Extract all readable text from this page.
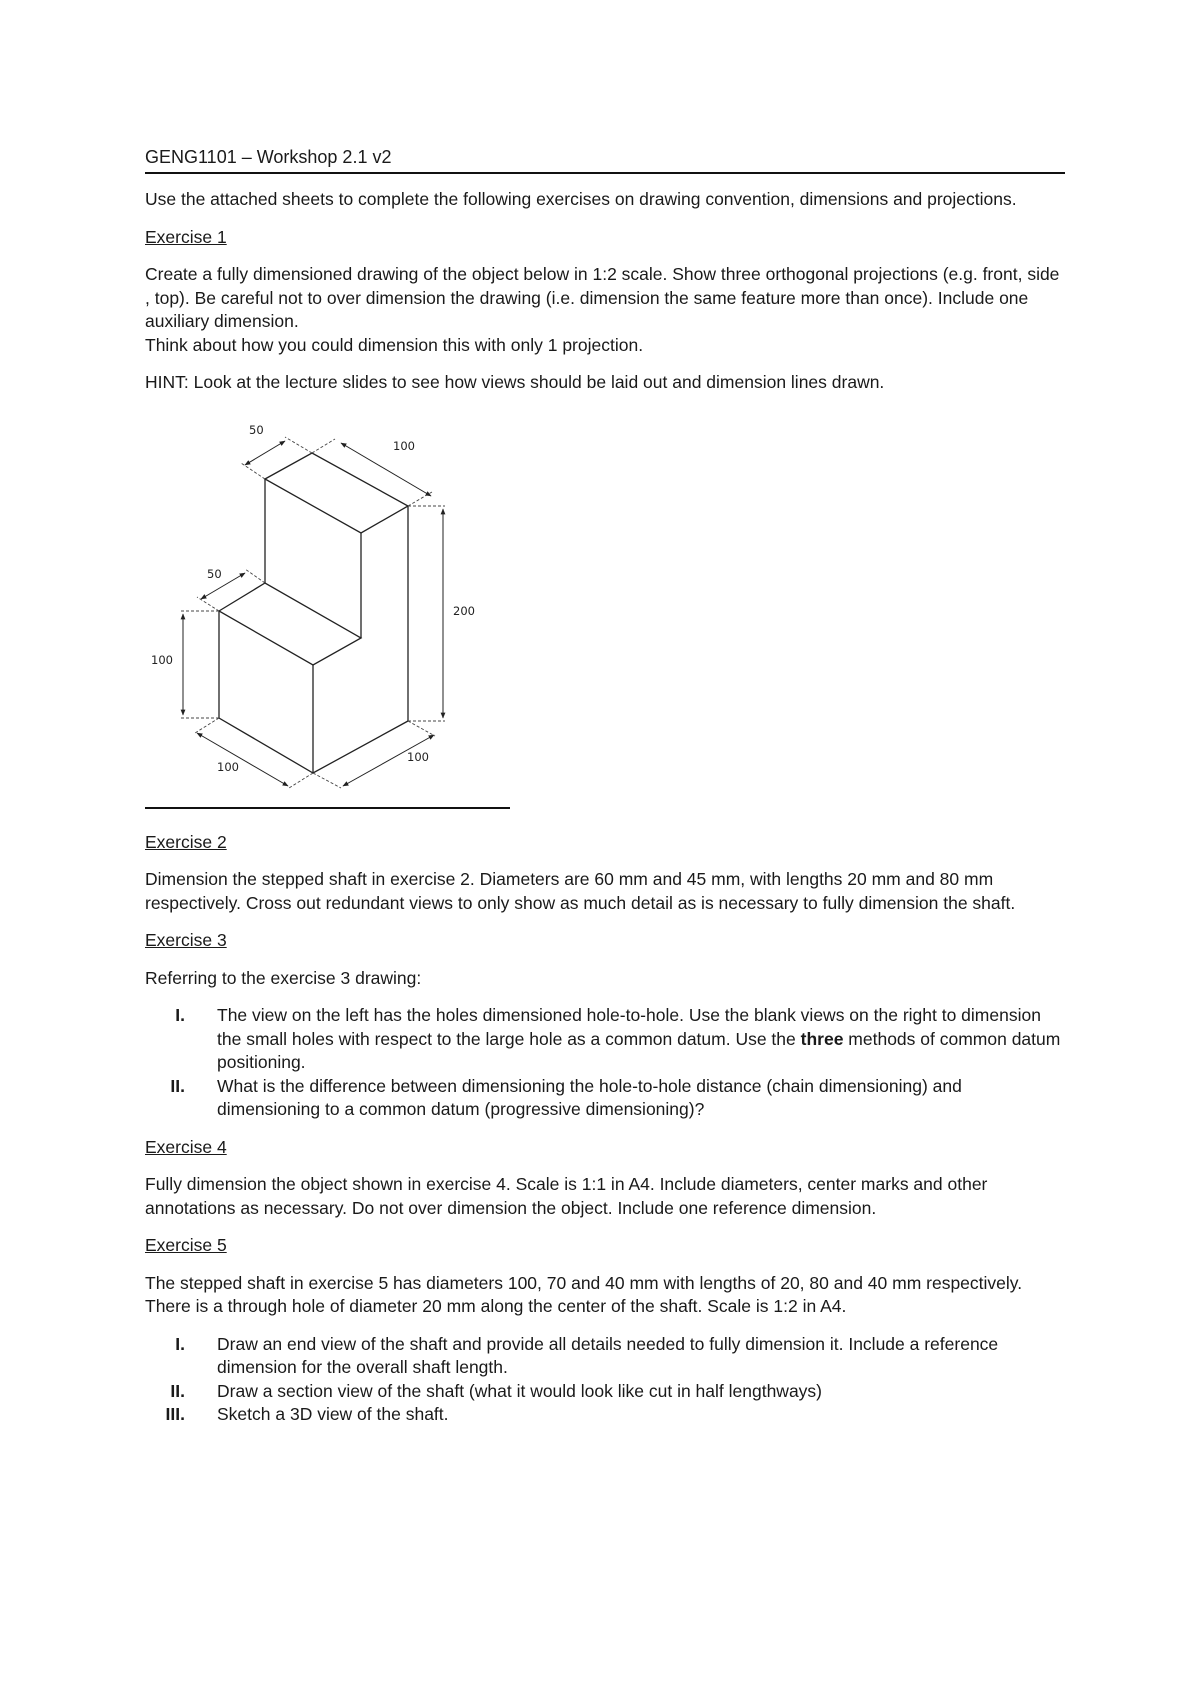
GENG1101 – Workshop 2.1 v2

Use the attached sheets to complete the following exercises on drawing convention, dimensions and projections.

Exercise 1

Create a fully dimensioned drawing of the object below in 1:2 scale. Show three orthogonal projections (e.g. front, side , top). Be careful not to over dimension the drawing (i.e. dimension the same feature more than once). Include one auxiliary dimension.
Think about how you could dimension this with only 1 projection.

HINT: Look at the lecture slides to see how views should be laid out and dimension lines drawn.

50
100
50
200
100
100
100

Exercise 2

Dimension the stepped shaft in exercise 2. Diameters are 60 mm and 45 mm, with lengths 20 mm and 80 mm respectively. Cross out redundant views to only show as much detail as is necessary to fully dimension the shaft.

Exercise 3

Referring to the exercise 3 drawing:

I. The view on the left has the holes dimensioned hole-to-hole. Use the blank views on the right to dimension the small holes with respect to the large hole as a common datum. Use the three methods of common datum positioning.
II. What is the difference between dimensioning the hole-to-hole distance (chain dimensioning) and dimensioning to a common datum (progressive dimensioning)?

Exercise 4

Fully dimension the object shown in exercise 4. Scale is 1:1 in A4. Include diameters, center marks and other annotations as necessary. Do not over dimension the object. Include one reference dimension.

Exercise 5

The stepped shaft in exercise 5 has diameters 100, 70 and 40 mm with lengths of 20, 80 and 40 mm respectively. There is a through hole of diameter 20 mm along the center of the shaft. Scale is 1:2 in A4.

I. Draw an end view of the shaft and provide all details needed to fully dimension it. Include a reference dimension for the overall shaft length.
II. Draw a section view of the shaft (what it would look like cut in half lengthways)
III. Sketch a 3D view of the shaft.
